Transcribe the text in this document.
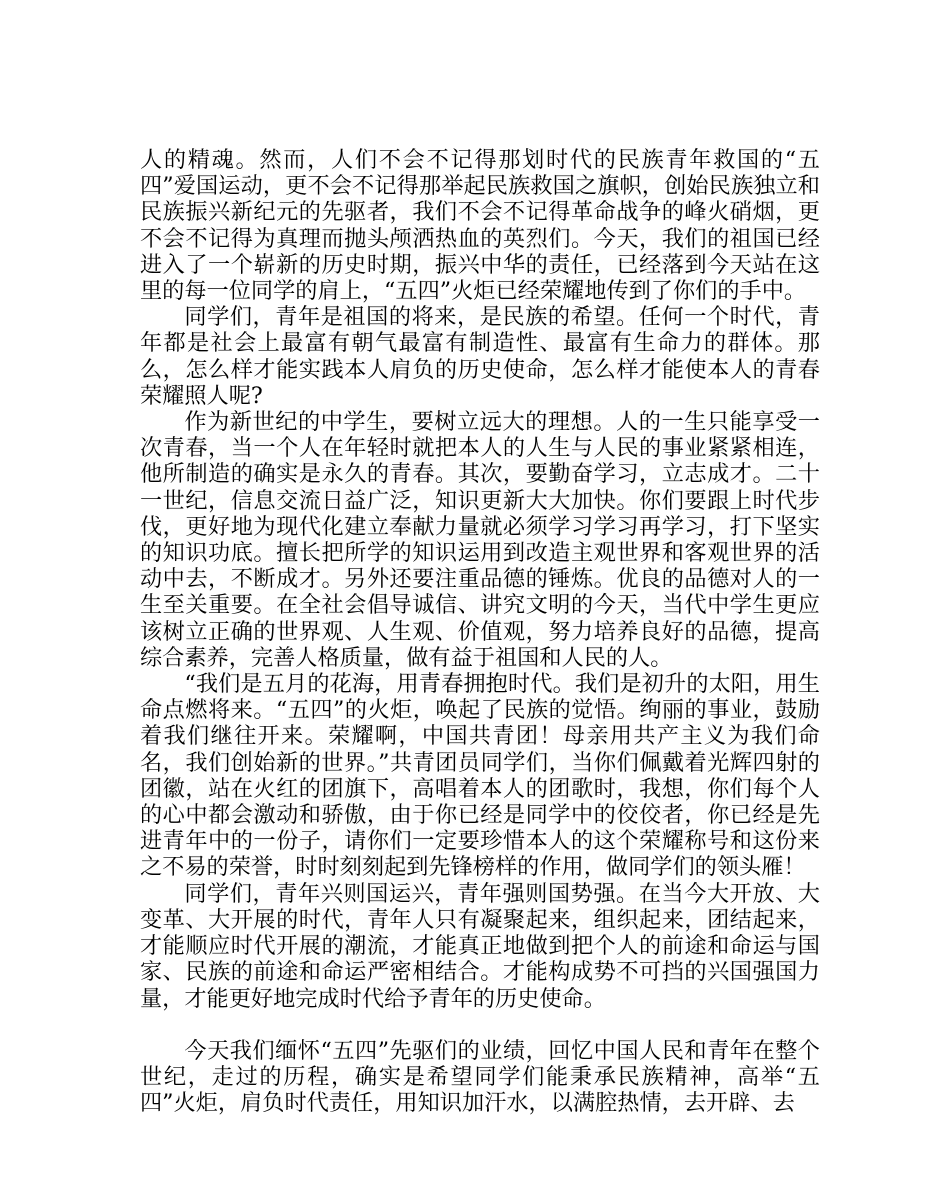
人的精魂。然而，人们不会不记得那划时代的民族青年救国的“五四”爱国运动，更不会不记得那举起民族救国之旗帜，创始民族独立和民族振兴新纪元的先驱者，我们不会不记得革命战争的峰火硝烟，更不会不记得为真理而抛头颅洒热血的英烈们。今天，我们的祖国已经进入了一个崭新的历史时期，振兴中华的责任，已经落到今天站在这里的每一位同学的肩上，“五四”火炬已经荣耀地传到了你们的手中。

同学们，青年是祖国的将来，是民族的希望。任何一个时代，青年都是社会上最富有朝气最富有制造性、最富有生命力的群体。那么，怎么样才能实践本人肩负的历史使命，怎么样才能使本人的青春荣耀照人呢?

作为新世纪的中学生，要树立远大的理想。人的一生只能享受一次青春，当一个人在年轻时就把本人的人生与人民的事业紧紧相连，他所制造的确实是永久的青春。其次，要勤奋学习，立志成才。二十一世纪，信息交流日益广泛，知识更新大大加快。你们要跟上时代步伐，更好地为现代化建立奉献力量就必须学习学习再学习，打下坚实的知识功底。擅长把所学的知识运用到改造主观世界和客观世界的活动中去，不断成才。另外还要注重品德的锤炼。优良的品德对人的一生至关重要。在全社会倡导诚信、讲究文明的今天，当代中学生更应该树立正确的世界观、人生观、价值观，努力培养良好的品德，提高综合素养，完善人格质量，做有益于祖国和人民的人。

“我们是五月的花海，用青春拥抱时代。我们是初升的太阳，用生命点燃将来。“五四”的火炬，唤起了民族的觉悟。绚丽的事业，鼓励着我们继往开来。荣耀啊，中国共青团！母亲用共产主义为我们命名，我们创始新的世界。”共青团员同学们，当你们佩戴着光辉四射的团徽，站在火红的团旗下，高唱着本人的团歌时，我想，你们每个人的心中都会激动和骄傲，由于你已经是同学中的佼佼者，你已经是先进青年中的一份子，请你们一定要珍惜本人的这个荣耀称号和这份来之不易的荣誉，时时刻刻起到先锋榜样的作用，做同学们的领头雁！

同学们，青年兴则国运兴，青年强则国势强。在当今大开放、大变革、大开展的时代，青年人只有凝聚起来，组织起来，团结起来，才能顺应时代开展的潮流，才能真正地做到把个人的前途和命运与国家、民族的前途和命运严密相结合。才能构成势不可挡的兴国强国力量，才能更好地完成时代给予青年的历史使命。

今天我们缅怀“五四”先驱们的业绩，回忆中国人民和青年在整个世纪，走过的历程，确实是希望同学们能秉承民族精神，高举“五四”火炬，肩负时代责任，用知识加汗水，以满腔热情，去开辟、去
